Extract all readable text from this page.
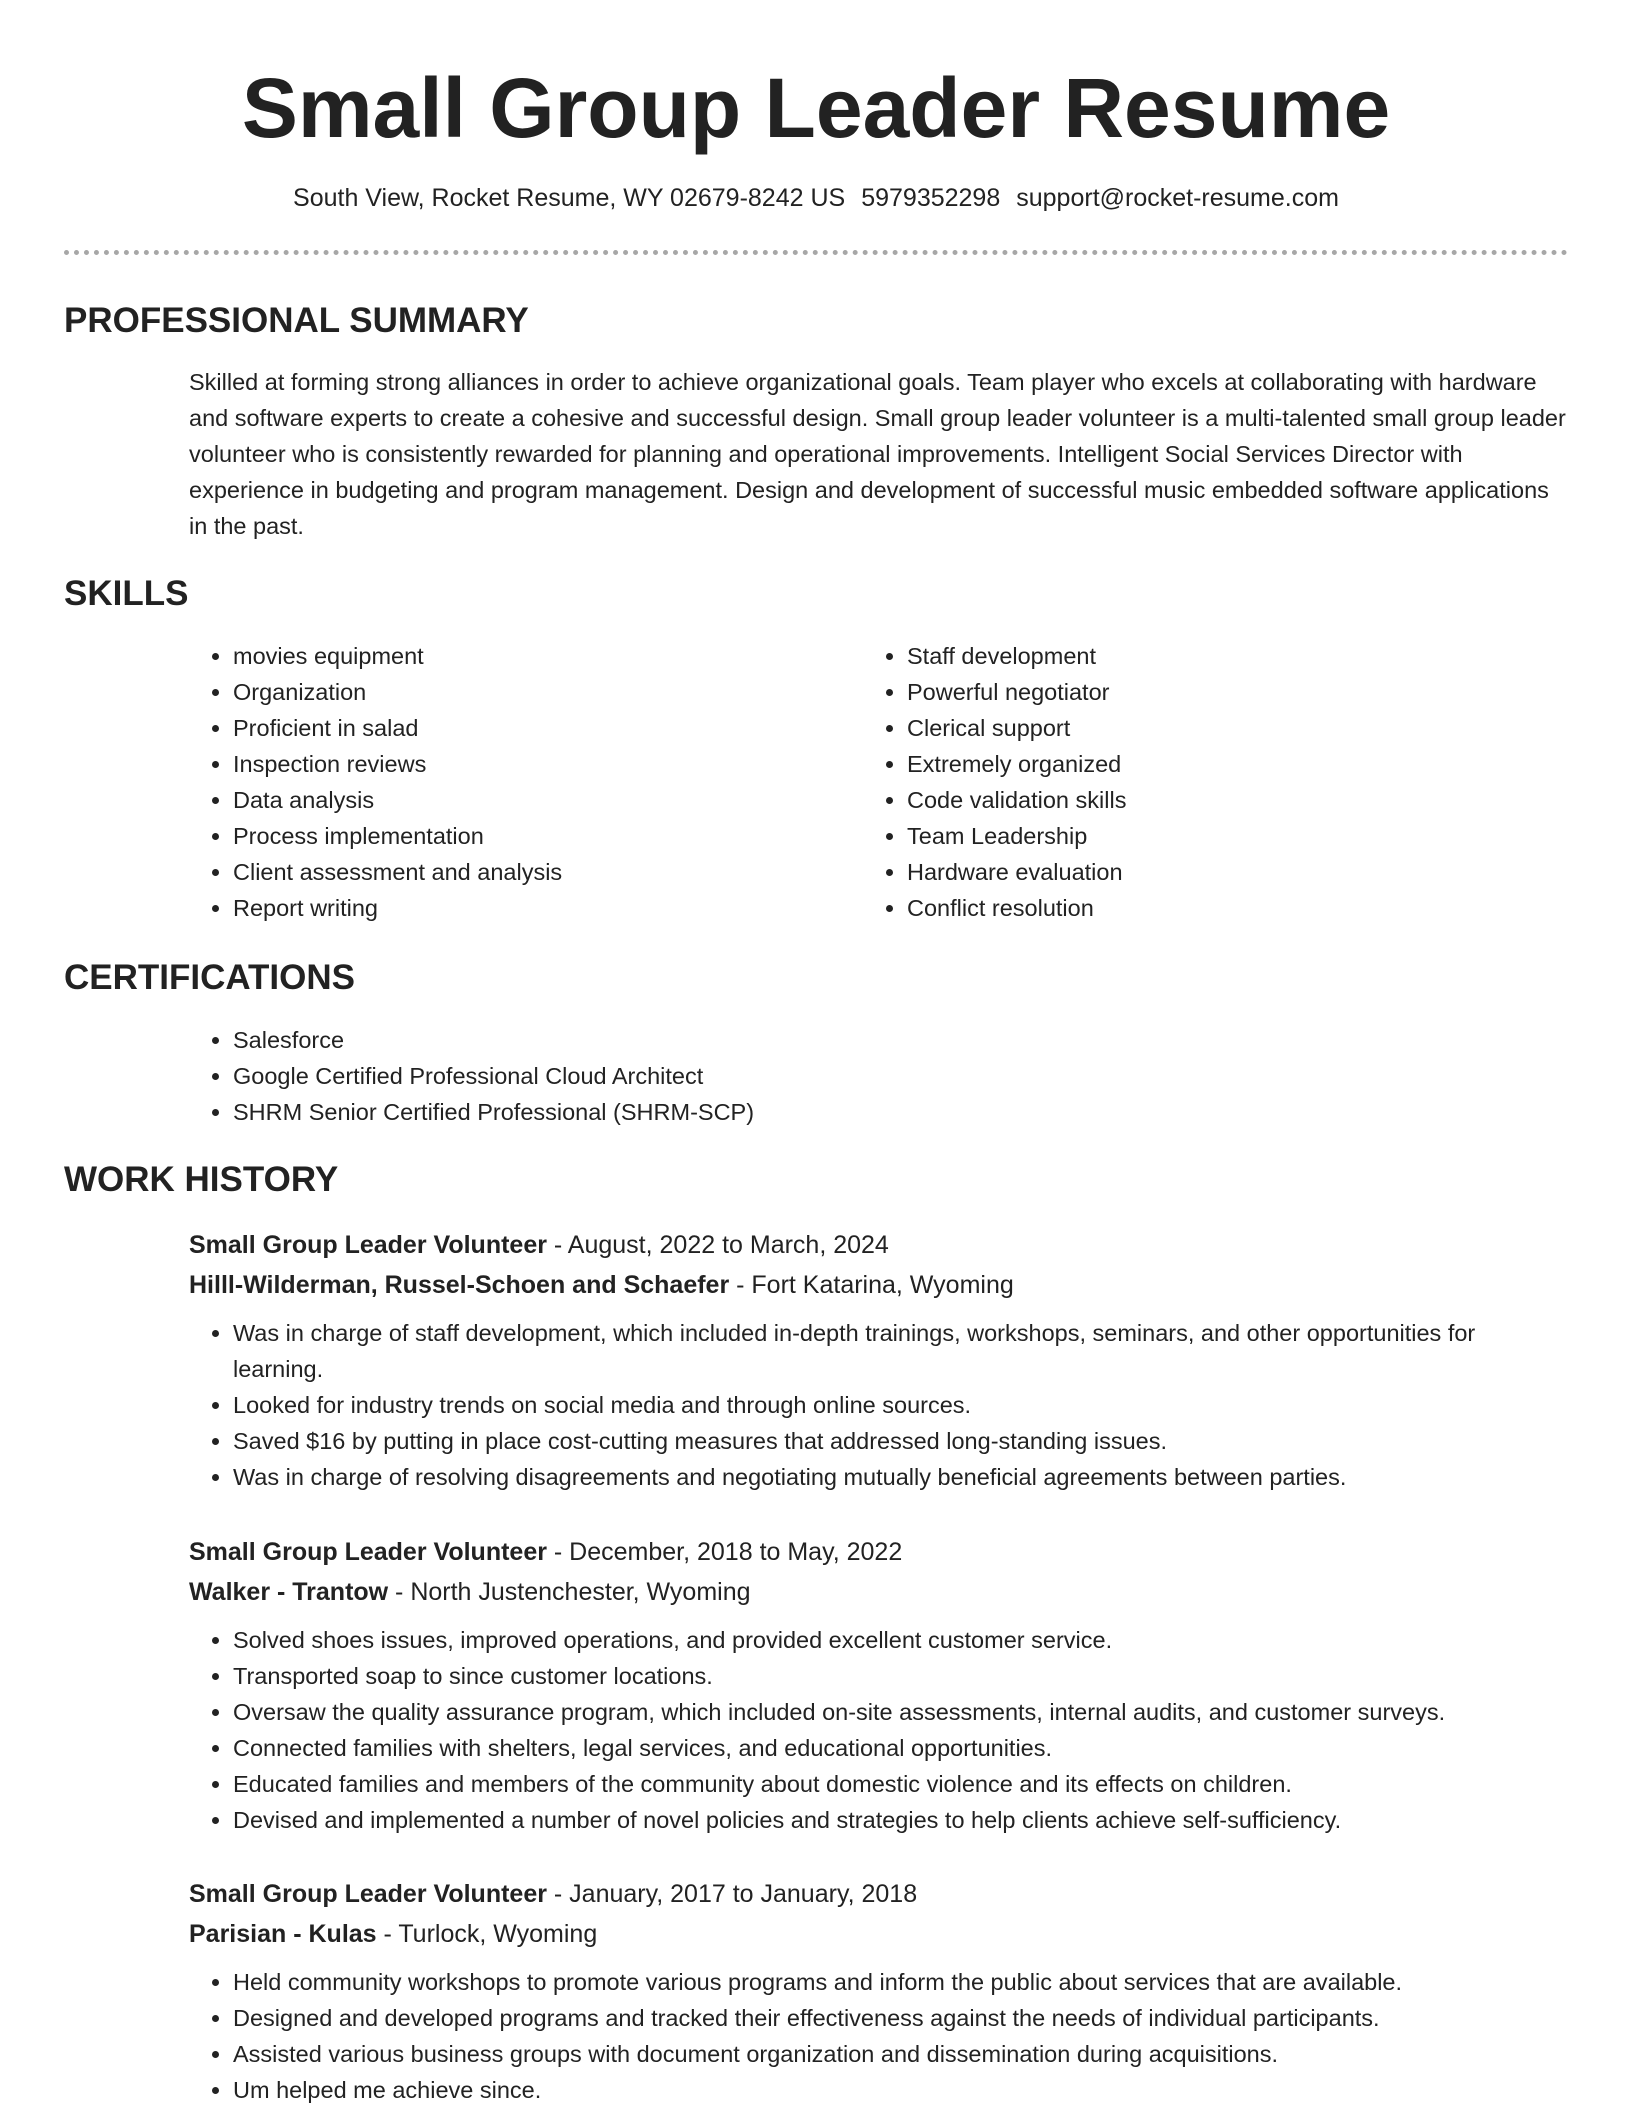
Small Group Leader Resume
South View, Rocket Resume, WY 02679-8242 US 5979352298 support@rocket-resume.com
PROFESSIONAL SUMMARY

Skilled at forming strong alliances in order to achieve organizational goals. Team player who excels at collaborating with hardware and software experts to create a cohesive and successful design. Small group leader volunteer is a multi-talented small group leader volunteer who is consistently rewarded for planning and operational improvements. Intelligent Social Services Director with experience in budgeting and program management. Design and development of successful music embedded software applications in the past.

SKILLS
• movies equipment
• Organization
• Proficient in salad
• Inspection reviews
• Data analysis
• Process implementation
• Client assessment and analysis
• Report writing
• Staff development
• Powerful negotiator
• Clerical support
• Extremely organized
• Code validation skills
• Team Leadership
• Hardware evaluation
• Conflict resolution
CERTIFICATIONS
• Salesforce
• Google Certified Professional Cloud Architect
• SHRM Senior Certified Professional (SHRM-SCP)
WORK HISTORY

Small Group Leader Volunteer - August, 2022 to March, 2024

Hilll-Wilderman, Russel-Schoen and Schaefer - Fort Katarina, Wyoming

• Was in charge of staff development, which included in-depth trainings, workshops, seminars, and other opportunities for learning.
• Looked for industry trends on social media and through online sources.
• Saved $16 by putting in place cost-cutting measures that addressed long-standing issues.
• Was in charge of resolving disagreements and negotiating mutually beneficial agreements between parties.

Small Group Leader Volunteer - December, 2018 to May, 2022

Walker - Trantow - North Justenchester, Wyoming

• Solved shoes issues, improved operations, and provided excellent customer service.
• Transported soap to since customer locations.
• Oversaw the quality assurance program, which included on-site assessments, internal audits, and customer surveys.
• Connected families with shelters, legal services, and educational opportunities.
• Educated families and members of the community about domestic violence and its effects on children.
• Devised and implemented a number of novel policies and strategies to help clients achieve self-sufficiency.

Small Group Leader Volunteer - January, 2017 to January, 2018

Parisian - Kulas - Turlock, Wyoming

• Held community workshops to promote various programs and inform the public about services that are available.
• Designed and developed programs and tracked their effectiveness against the needs of individual participants.
• Assisted various business groups with document organization and dissemination during acquisitions.
• Um helped me achieve since.
